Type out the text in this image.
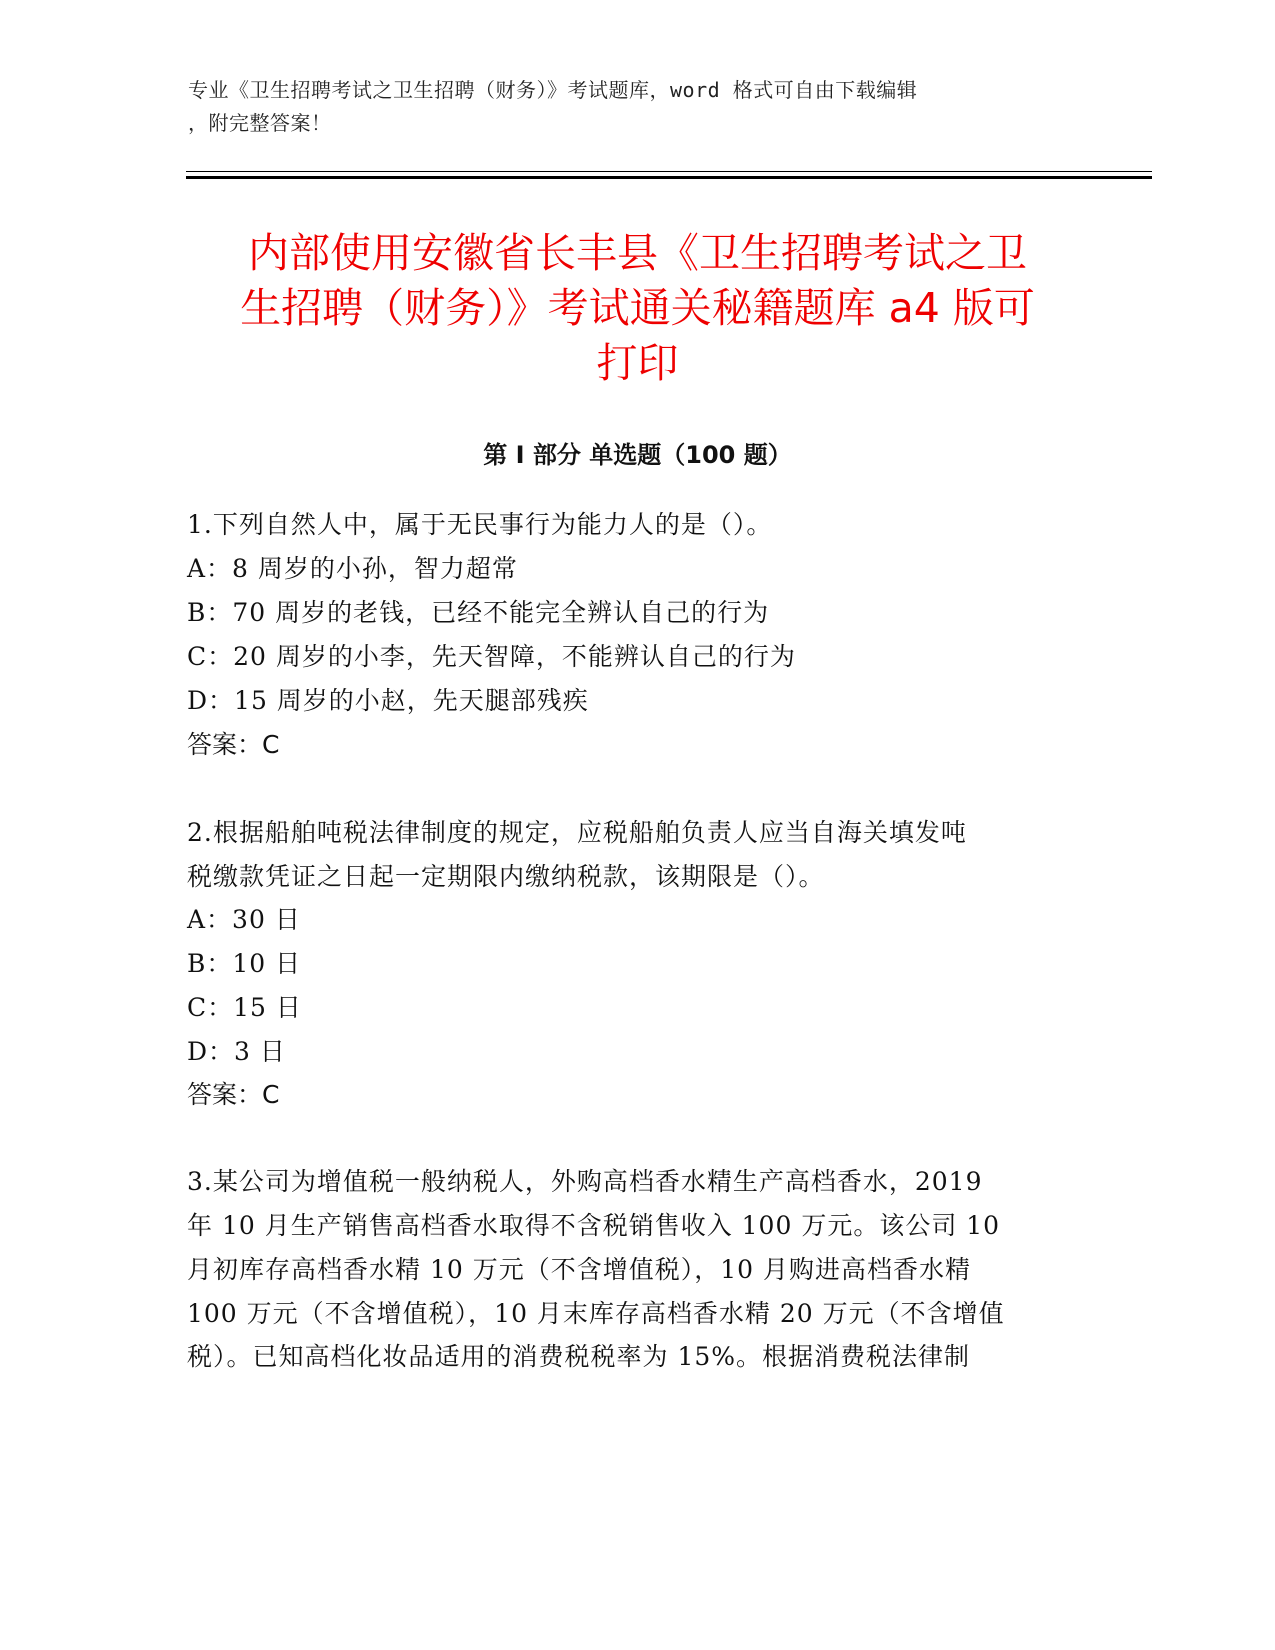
专业《卫生招聘考试之卫生招聘（财务）》考试题库，word 格式可自由下载编辑
，附完整答案！
内部使用安徽省长丰县《卫生招聘考试之卫
生招聘（财务）》考试通关秘籍题库 a4 版可
打印
第 I 部分 单选题（100 题）
1.下列自然人中，属于无民事行为能力人的是（）。
A：8 周岁的小孙，智力超常
B：70 周岁的老钱，已经不能完全辨认自己的行为
C：20 周岁的小李，先天智障，不能辨认自己的行为
D：15 周岁的小赵，先天腿部残疾
答案：C
2.根据船舶吨税法律制度的规定，应税船舶负责人应当自海关填发吨
税缴款凭证之日起一定期限内缴纳税款，该期限是（）。
A：30 日
B：10 日
C：15 日
D：3 日
答案：C
3.某公司为增值税一般纳税人，外购高档香水精生产高档香水，2019
年 10 月生产销售高档香水取得不含税销售收入 100 万元。该公司 10
月初库存高档香水精 10 万元（不含增值税），10 月购进高档香水精
100 万元（不含增值税），10 月末库存高档香水精 20 万元（不含增值
税）。已知高档化妆品适用的消费税税率为 15%。根据消费税法律制
